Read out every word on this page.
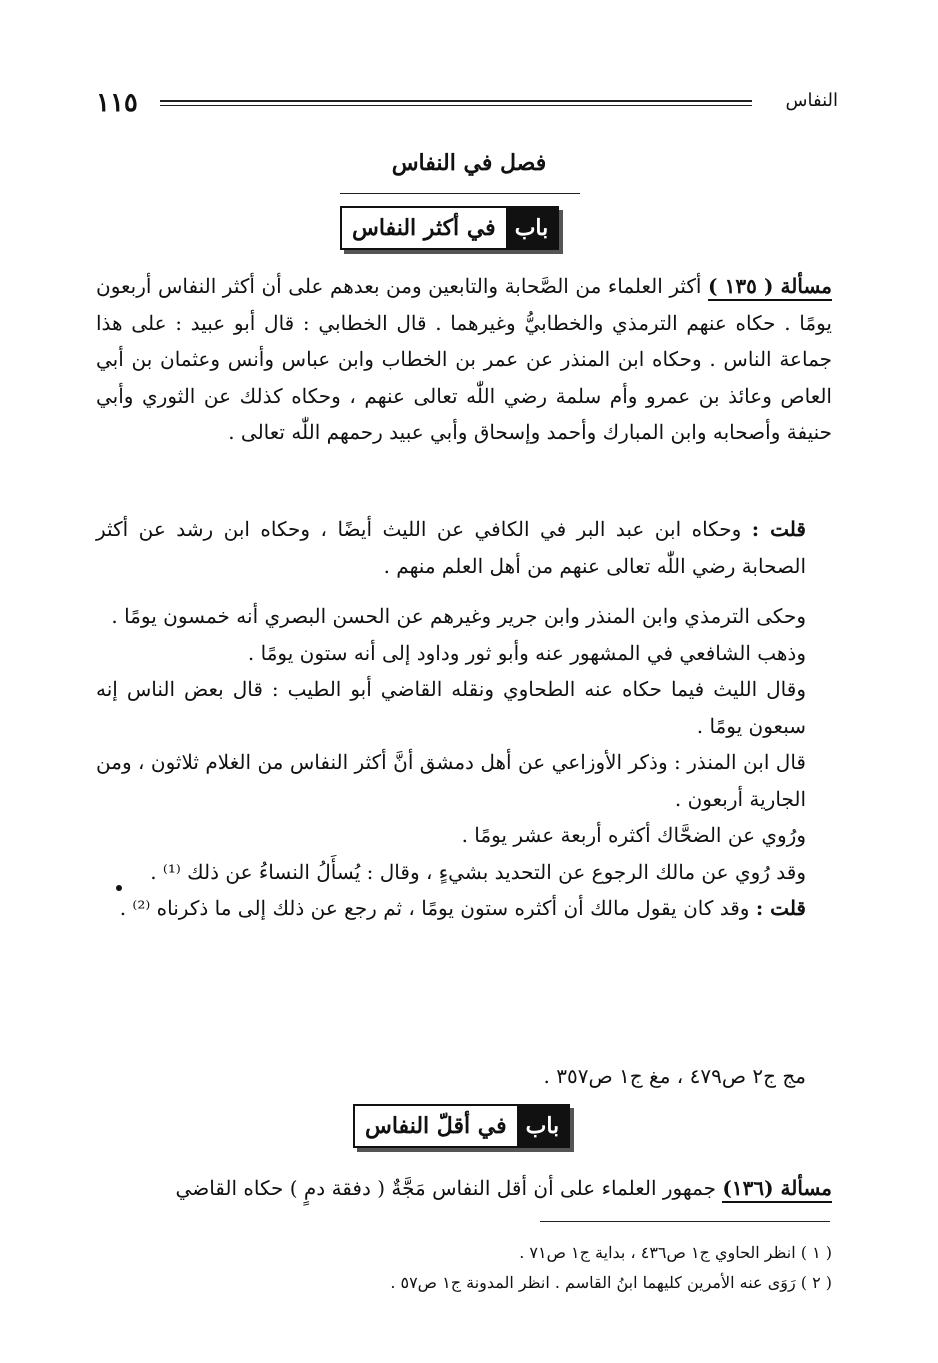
١١٥	النفاس
فصل في النفاس
باب
في أكثر النفاس

مسألة ( ١٣٥ ) أكثر العلماء من الصَّحابة والتابعين ومن بعدهم على أن أكثر النفاس أربعون يومًا . حكاه عنهم الترمذي والخطابيُّ وغيرهما . قال الخطابي : قال أبو عبيد : على هذا جماعة الناس . وحكاه ابن المنذر عن عمر بن الخطاب وابن عباس وأنس وعثمان بن أبي العاص وعائذ بن عمرو وأم سلمة رضي اللّٰه تعالى عنهم ، وحكاه كذلك عن الثوري وأبي حنيفة وأصحابه وابن المبارك وأحمد وإسحاق وأبي عبيد رحمهم اللّٰه تعالى .

قلت : وحكاه ابن عبد البر في الكافي عن الليث أيضًا ، وحكاه ابن رشد عن أكثر الصحابة رضي اللّٰه تعالى عنهم من أهل العلم منهم .

وحكى الترمذي وابن المنذر وابن جرير وغيرهم عن الحسن البصري أنه خمسون يومًا .

وذهب الشافعي في المشهور عنه وأبو ثور وداود إلى أنه ستون يومًا .

وقال الليث فيما حكاه عنه الطحاوي ونقله القاضي أبو الطيب : قال بعض الناس إنه سبعون يومًا .

قال ابن المنذر : وذكر الأوزاعي عن أهل دمشق أنَّ أكثر النفاس من الغلام ثلاثون ، ومن الجارية أربعون .

ورُوي عن الضحَّاك أكثره أربعة عشر يومًا .

وقد رُوي عن مالك الرجوع عن التحديد بشيءٍ ، وقال : يُسأَلُ النساءُ عن ذلك ⁽¹⁾ .

قلت : وقد كان يقول مالك أن أكثره ستون يومًا ، ثم رجع عن ذلك إلى ما ذكرناه ⁽²⁾ .

مج ج٢ ص٤٧٩ ، مغ ج١ ص٣٥٧ .

باب
في أقلّ النفاس
مسألة (١٣٦) جمهور العلماء على أن أقل النفاس مَجَّةٌ ( دفقة دمٍ ) حكاه القاضي

( ١ ) انظر الحاوي ج١ ص٤٣٦ ، بداية ج١ ص٧١ .

( ٢ ) رَوَى عنه الأمرين كليهما ابنُ القاسم . انظر المدونة ج١ ص٥٧ .
